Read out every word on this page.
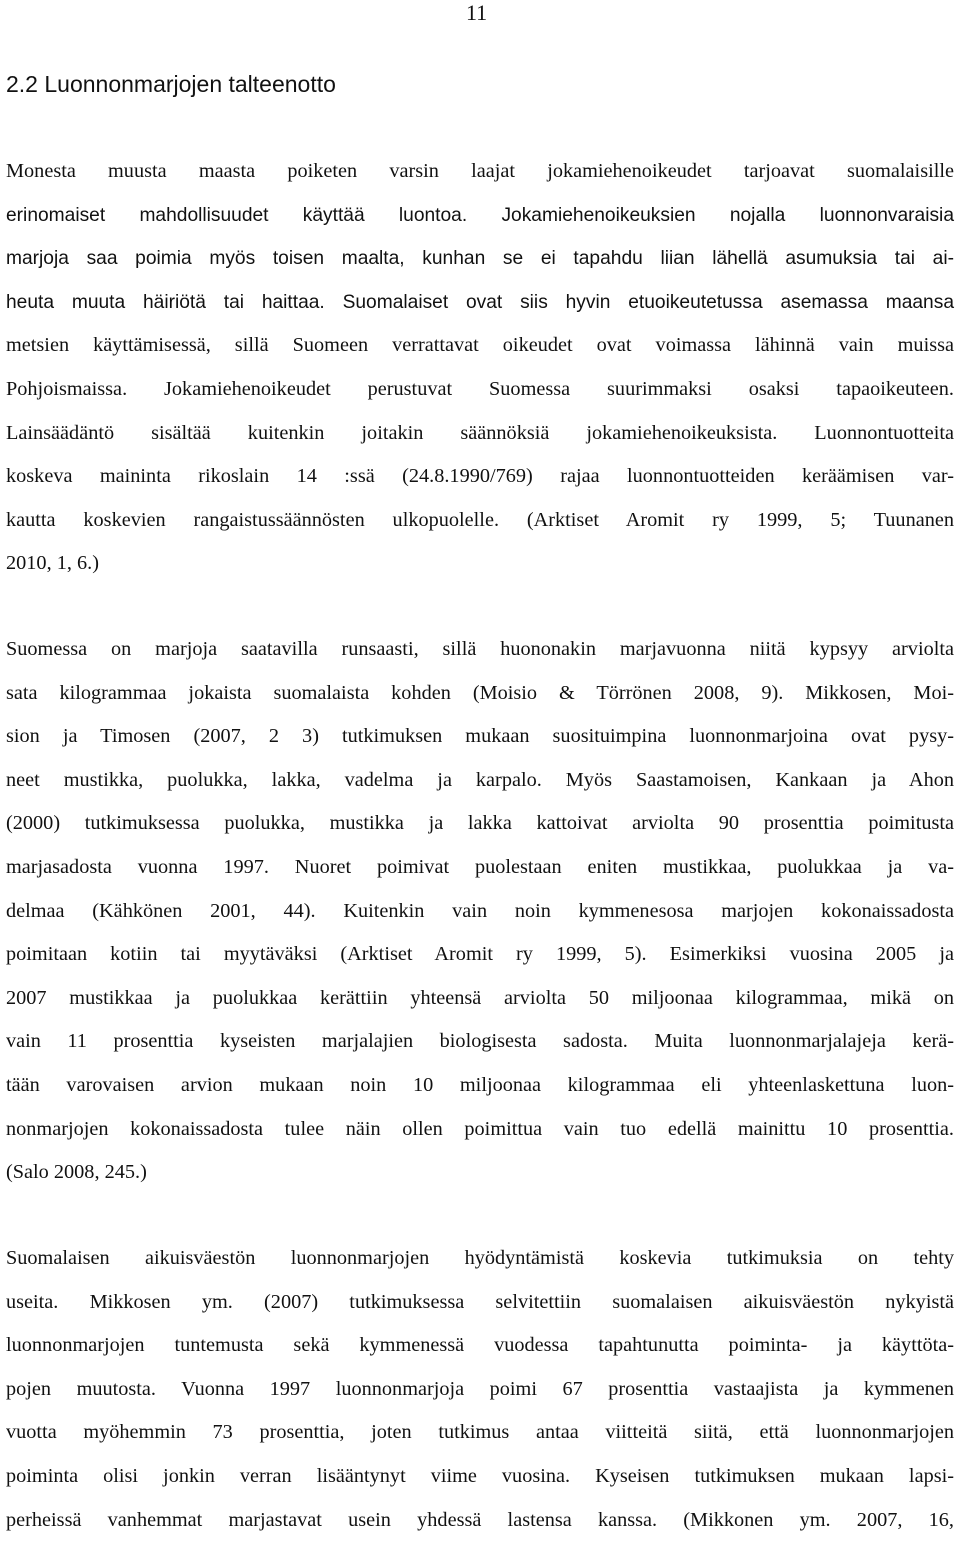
11
2.2 Luonnonmarjojen talteenotto
Monesta muusta maasta poiketen varsin laajat jokamiehenoikeudet tarjoavat suomalaisille
erinomaiset mahdollisuudet käyttää luontoa. Jokamiehenoikeuksien nojalla luonnonvaraisia
marjoja saa poimia myös toisen maalta, kunhan se ei tapahdu liian lähellä asumuksia tai ai-
heuta muuta häiriötä tai haittaa. Suomalaiset ovat siis hyvin etuoikeutetussa asemassa maansa
metsien käyttämisessä, sillä Suomeen verrattavat oikeudet ovat voimassa lähinnä vain muissa
Pohjoismaissa. Jokamiehenoikeudet perustuvat Suomessa suurimmaksi osaksi tapaoikeuteen.
Lainsäädäntö sisältää kuitenkin joitakin säännöksiä jokamiehenoikeuksista. Luonnontuotteita
koskeva maininta rikoslain 14 :ssä (24.8.1990/769) rajaa luonnontuotteiden keräämisen var-
kautta koskevien rangaistussäännösten ulkopuolelle. (Arktiset Aromit ry 1999, 5; Tuunanen
2010, 1, 6.)
Suomessa on marjoja saatavilla runsaasti, sillä huononakin marjavuonna niitä kypsyy arviolta
sata kilogrammaa jokaista suomalaista kohden (Moisio & Törrönen 2008, 9). Mikkosen, Moi-
sion ja Timosen (2007, 2 3) tutkimuksen mukaan suosituimpina luonnonmarjoina ovat pysy-
neet mustikka, puolukka, lakka, vadelma ja karpalo. Myös Saastamoisen, Kankaan ja Ahon
(2000) tutkimuksessa puolukka, mustikka ja lakka kattoivat arviolta 90 prosenttia poimitusta
marjasadosta vuonna 1997. Nuoret poimivat puolestaan eniten mustikkaa, puolukkaa ja va-
delmaa (Kähkönen 2001, 44). Kuitenkin vain noin kymmenesosa marjojen kokonaissadosta
poimitaan kotiin tai myytäväksi (Arktiset Aromit ry 1999, 5). Esimerkiksi vuosina 2005 ja
2007 mustikkaa ja puolukkaa kerättiin yhteensä arviolta 50 miljoonaa kilogrammaa, mikä on
vain 11 prosenttia kyseisten marjalajien biologisesta sadosta. Muita luonnonmarjalajeja kerä-
tään varovaisen arvion mukaan noin 10 miljoonaa kilogrammaa eli yhteenlaskettuna luon-
nonmarjojen kokonaissadosta tulee näin ollen poimittua vain tuo edellä mainittu 10 prosenttia.
(Salo 2008, 245.)
Suomalaisen aikuisväestön luonnonmarjojen hyödyntämistä koskevia tutkimuksia on tehty
useita. Mikkosen ym. (2007) tutkimuksessa selvitettiin suomalaisen aikuisväestön nykyistä
luonnonmarjojen tuntemusta sekä kymmenessä vuodessa tapahtunutta poiminta- ja käyttöta-
pojen muutosta. Vuonna 1997 luonnonmarjoja poimi 67 prosenttia vastaajista ja kymmenen
vuotta myöhemmin 73 prosenttia, joten tutkimus antaa viitteitä siitä, että luonnonmarjojen
poiminta olisi jonkin verran lisääntynyt viime vuosina. Kyseisen tutkimuksen mukaan lapsi-
perheissä vanhemmat marjastavat usein yhdessä lastensa kanssa. (Mikkonen ym. 2007, 16,
